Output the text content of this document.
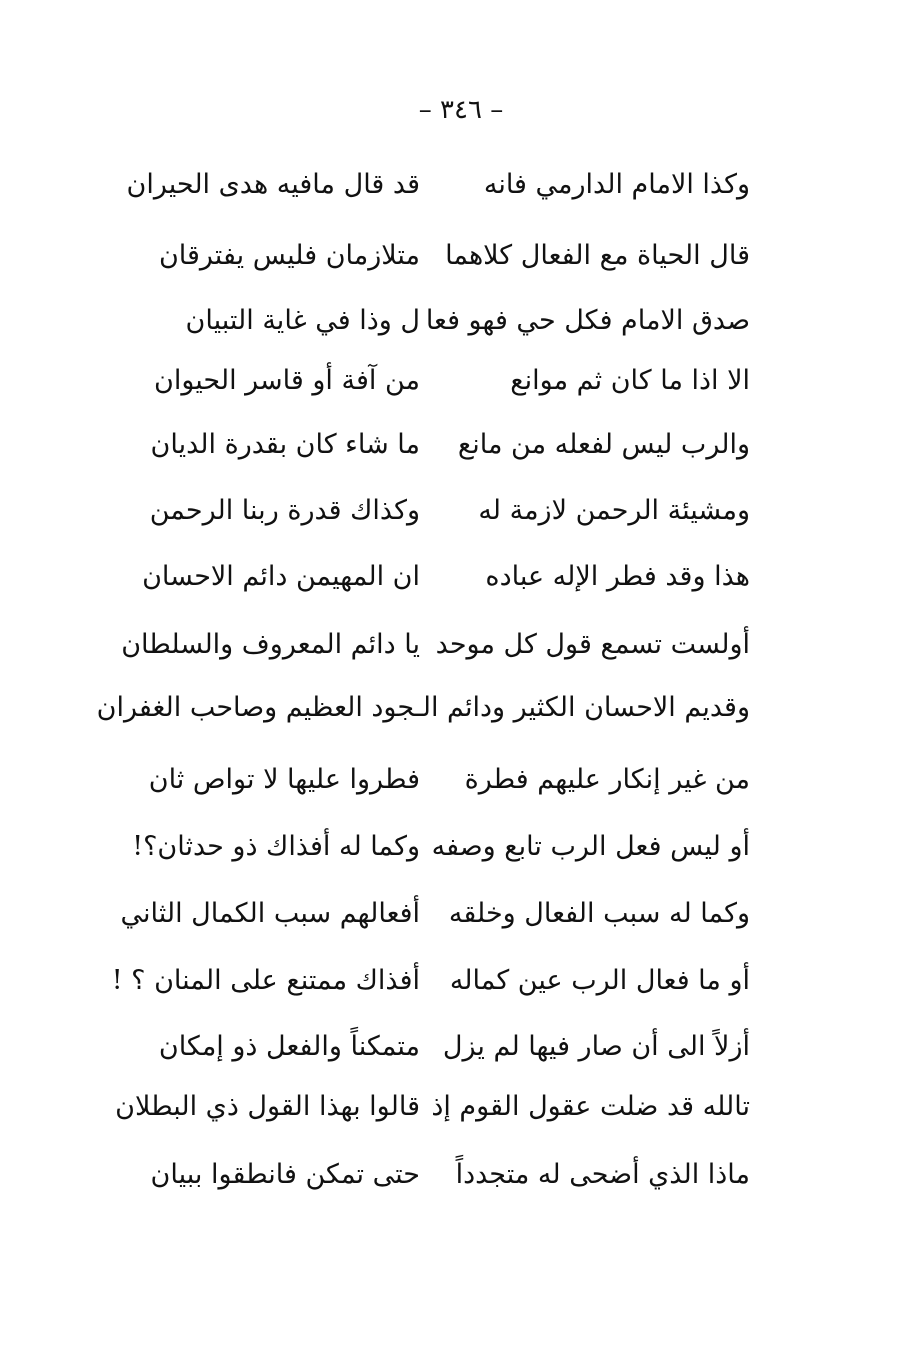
– ٣٤٦ –
وكذا الامام الدارمي فانه
قد قال مافيه هدى الحيران
قال الحياة مع الفعال كلاهما
متلازمان فليس يفترقان
صدق الامام فكل حي فهو فعا
ل وذا في غاية التبيان
الا اذا ما كان ثم موانع
من آفة أو قاسر الحيوان
والرب ليس لفعله من مانع
ما شاء كان بقدرة الديان
ومشيئة الرحمن لازمة له
وكذاك قدرة ربنا الرحمن
هذا وقد فطر الإله عباده
ان المهيمن دائم الاحسان
أولست تسمع قول كل موحد
يا دائم المعروف والسلطان
وقديم الاحسان الكثير ودائم الـجود العظيم وصاحب الغفران
من غير إنكار عليهم فطرة
فطروا عليها لا تواص ثان
أو ليس فعل الرب تابع وصفه
وكما له أفذاك ذو حدثان؟!
وكما له سبب الفعال وخلقه
أفعالهم سبب الكمال الثاني
أو ما فعال الرب عين كماله
أفذاك ممتنع على المنان ؟ !
أزلاً الى أن صار فيها لم يزل
متمكناً والفعل ذو إمكان
تالله قد ضلت عقول القوم إذ
قالوا بهذا القول ذي البطلان
ماذا الذي أضحى له متجدداً
حتى تمكن فانطقوا ببيان
